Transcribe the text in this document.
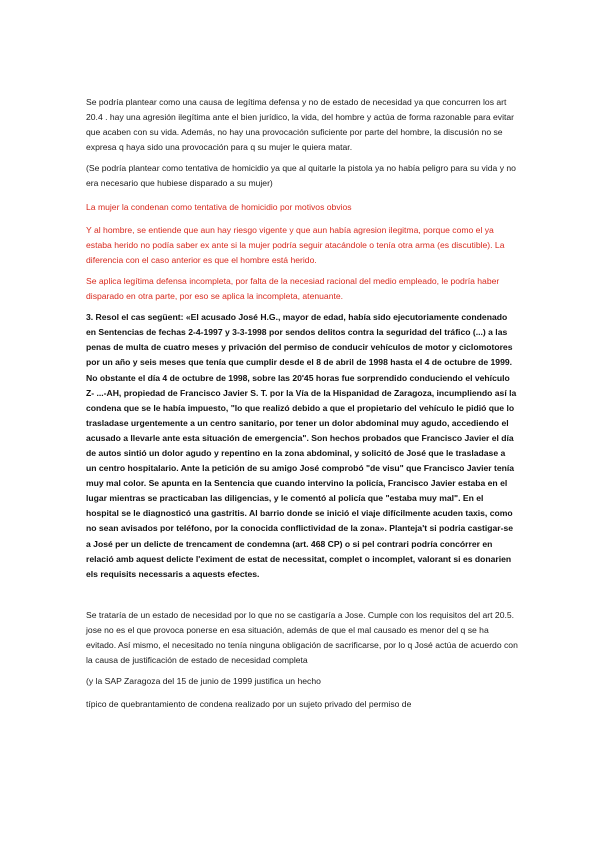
Se podría plantear como una causa de legítima defensa y no de estado de necesidad ya que concurren los art 20.4 . hay una agresión ilegítima ante el bien jurídico, la vida, del hombre y actúa de forma razonable para evitar que acaben con su vida. Además, no hay una provocación suficiente por parte del hombre, la discusión no se expresa q haya sido una provocación para q su mujer le quiera matar.

(Se podría plantear como tentativa de homicidio ya que al quitarle la pistola ya no había peligro para su vida y no era necesario que hubiese disparado a su mujer)

La mujer la condenan como tentativa de homicidio por motivos obvios

Y al hombre, se entiende que aun hay riesgo vigente y que aun había agresion ilegitma, porque como el ya estaba herido no podía saber ex ante si la mujer podría seguir atacándole o tenía otra arma (es discutible). La diferencia con el caso anterior es que el hombre está herido.

Se aplica legítima defensa incompleta, por falta de la necesiad racional del medio empleado, le podría haber disparado en otra parte, por eso se aplica la incompleta, atenuante.

3. Resol el cas següent: «El acusado José H.G., mayor de edad, había sido ejecutoriamente condenado en Sentencias de fechas 2-4-1997 y 3-3-1998 por sendos delitos contra la seguridad del tráfico (...) a las penas de multa de cuatro meses y privación del permiso de conducir vehículos de motor y ciclomotores por un año y seis meses que tenía que cumplir desde el 8 de abril de 1998 hasta el 4 de octubre de 1999. No obstante el día 4 de octubre de 1998, sobre las 20'45 horas fue sorprendido conduciendo el vehículo Z- ...-AH, propiedad de Francisco Javier S. T. por la Vía de la Hispanidad de Zaragoza, incumpliendo así la condena que se le había impuesto, "lo que realizó debido a que el propietario del vehículo le pidió que lo trasladase urgentemente a un centro sanitario, por tener un dolor abdominal muy agudo, accediendo el acusado a llevarle ante esta situación de emergencia". Son hechos probados que Francisco Javier el día de autos sintió un dolor agudo y repentino en la zona abdominal, y solicitó de José que le trasladase a un centro hospitalario. Ante la petición de su amigo José comprobó "de visu" que Francisco Javier tenía muy mal color. Se apunta en la Sentencia que cuando intervino la policía, Francisco Javier estaba en el lugar mientras se practicaban las diligencias, y le comentó al policía que "estaba muy mal". En el hospital se le diagnosticó una gastritis. Al barrio donde se inició el viaje difícilmente acuden taxis, como no sean avisados por teléfono, por la conocida conflictividad de la zona». Planteja't si podria castigar-se a José per un delicte de trencament de condemna (art. 468 CP) o si pel contrari podría concórrer en relació amb aquest delicte l'eximent de estat de necessitat, complet o incomplet, valorant si es donarien els requisits necessaris a aquests efectes.

Se trataría de un estado de necesidad por lo que no se castigaría a Jose. Cumple con los requisitos del art 20.5. jose no es el que provoca ponerse en esa situación, además de que el mal causado es menor del q se ha evitado. Así mismo, el necesitado no tenía ninguna obligación de sacrificarse, por lo q José actúa de acuerdo con la causa de justificación de estado de necesidad completa

(y la SAP Zaragoza del 15 de junio de 1999 justifica un hecho

típico de quebrantamiento de condena realizado por un sujeto privado del permiso de
